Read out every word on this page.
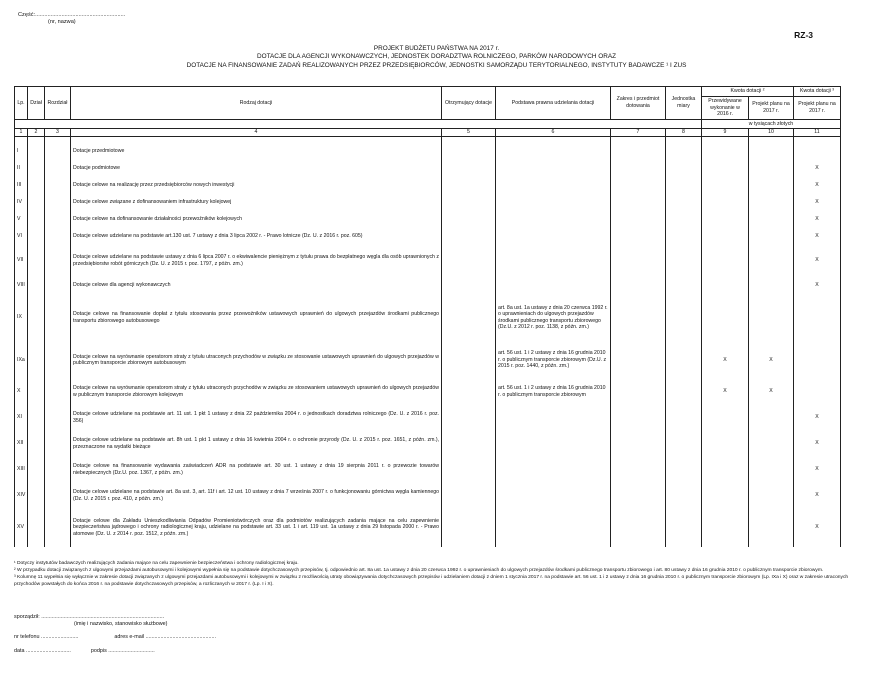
Część:..........................................................
(nr, nazwa)
RZ-3
PROJEKT BUDŻETU PAŃSTWA NA 2017 r.
DOTACJE DLA AGENCJI WYKONAWCZYCH, JEDNOSTEK DORADZTWA ROLNICZEGO, PARKÓW NARODOWYCH ORAZ
DOTACJE NA FINANSOWANIE ZADAŃ REALIZOWANYCH PRZEZ PRZEDSIĘBIORCÓW, JEDNOSTKI SAMORZĄDU TERYTORIALNEGO, INSTYTUTY BADAWCZE ¹ I ZUS
Lp.	Dział	Rozdział	Rodzaj dotacji	Otrzymujący dotacje	Podstawa prawna udzielania dotacji	Zakres i przedmiot dotowania	Jednostka miary	Kwota dotacji ²		Kwota dotacji ³
								Przewidywane wykonanie w 2016 r.	Projekt planu na 2017 r.	Projekt planu na 2017 r.
								w tysiącach złotych		
1	2	3	4	5	6	7	8	9	10	11

I			Dotacje przedmiotowe							
II			Dotacje podmiotowe							X
III			Dotacje celowe na realizację przez przedsiębiorców nowych inwestycji							X
IV			Dotacje celowe związane z dofinansowaniem infrastruktury kolejowej							X
V			Dotacje celowe na dofinansowanie działalności przewoźników kolejowych							X
VI			Dotacje celowe udzielane na podstawie art.130 ust. 7 ustawy z dnia 3 lipca 2002 r. - Prawo lotnicze (Dz. U. z 2016 r. poz. 605)							X
VII			Dotacje celowe udzielane na podstawie ustawy z dnia 6 lipca 2007 r. o ekwiwalencie pieniężnym z tytułu prawa do bezpłatnego węgla dla osób uprawnionych z przedsiębiorstw robót górniczych (Dz. U. z 2015 r. poz. 1797, z późn. zm.)							X
VIII			Dotacje celowe dla agencji wykonawczych							X
IX			Dotacje celowe na finansowanie dopłat z tytułu stosowania przez przewoźników ustawowych uprawnień do ulgowych przejazdów środkami publicznego transportu zbiorowego autobusowego		art. 8a ust. 1a ustawy z dnia 20 czerwca 1992 r. o uprawnieniach do ulgowych przejazdów środkami publicznego transportu zbiorowego (Dz.U. z 2012 r. poz. 1138, z późn. zm.)					
IXa			Dotacje celowe na wyrównanie operatorom straty z tytułu utraconych przychodów w związku ze stosowanie ustawowych uprawnień do ulgowych przejazdów w publicznym transporcie zbiorowym autobusowym		art. 56 ust. 1 i 2 ustawy z dnia 16 grudnia 2010 r. o publicznym transporcie zbiorowym (Dz.U. z 2015 r. poz. 1440, z późn. zm.)			X	X	
X			Dotacje celowe na wyrównanie operatorom straty z tytułu utraconych przychodów w związku ze stosowaniem ustawowych uprawnień do ulgowych przejazdów w publicznym transporcie zbiorowym kolejowym		art. 56 ust. 1 i 2 ustawy z dnia 16 grudnia 2010 r. o publicznym transporcie zbiorowym			X	X	
XI			Dotacje celowe udzielane na podstawie art. 11 ust. 1 pkt 1 ustawy z dnia 22 października 2004 r. o jednostkach doradztwa rolniczego (Dz. U. z 2016 r. poz. 356)							X
XII			Dotacje celowe udzielane na podstawie art. 8h ust. 1 pkt 1 ustawy z dnia 16 kwietnia 2004 r. o ochronie przyrody (Dz. U. z 2015 r. poz. 1651, z późn. zm.), przeznaczone na wydatki bieżące							X
XIII			Dotacje celowe na finansowanie wydawania zaświadczeń ADR na podstawie art. 30 ust. 1 ustawy z dnia 19 sierpnia 2011 r. o przewozie towarów niebezpiecznych (Dz.U. poz. 1367, z późn. zm.)							X
XIV			Dotacje celowe udzielane na podstawie art. 8a ust. 3, art. 11f i art. 12 ust. 10 ustawy z dnia 7 września 2007 r. o funkcjonowaniu górnictwa węgla kamiennego (Dz. U. z 2015 r. poz. 410, z późn. zm.)							X
XV			Dotacje celowe dla Zakładu Unieszkodliwiania Odpadów Promieniotwórczych oraz dla podmiotów realizujących zadania mające na celu zapewnienie bezpieczeństwa jądrowego i ochrony radiologicznej kraju, udzielane na podstawie art. 33 ust. 1 i art. 119 ust. 1a ustawy z dnia 29 listopada 2000 r. - Prawo atomowe (Dz. U. z 2014 r. poz. 1512, z późn. zm.)							X

¹ Dotyczy instytutów badawczych realizujących zadania mające na celu zapewnienie bezpieczeństwa i ochrony radiologicznej kraju.

² W przypadku dotacji związanych z ulgowymi przejazdami autobusowymi i kolejowymi wypełnia się na podstawie dotychczasowych przepisów, tj. odpowiednio art. 8a ust. 1a ustawy z dnia 20 czerwca 1992 r. o uprawnieniach do ulgowych przejazdów środkami publicznego transportu zbiorowego i art. 80 ustawy z dnia 16 grudnia 2010 r. o publicznym transporcie zbiorowym.

³ Kolumnę 11 wypełnia się wyłącznie w zakresie dotacji związanych z ulgowymi przejazdami autobusowymi i kolejowymi w związku z możliwością utraty obowiązywania dotychczasowych przepisów i udzielaniem dotacji z dniem 1 stycznia 2017 r. na podstawie art. 56 ust. 1 i 2 ustawy z dnia 16 grudnia 2010 r. o publicznym transporcie zbiorowym (Lp. IXa i X) oraz w zakresie utraconych przychodów powstałych do końca 2016 r. na podstawie dotychczasowych przepisów, a rozliczanych w 2017 r. (Lp. I i X).

sporządził: ..................................................................................
(imię i nazwisko, stanowisko służbowe)
nr telefonu .........................	adres e-mail ...............................................
data ..............................	podpis ...............................
